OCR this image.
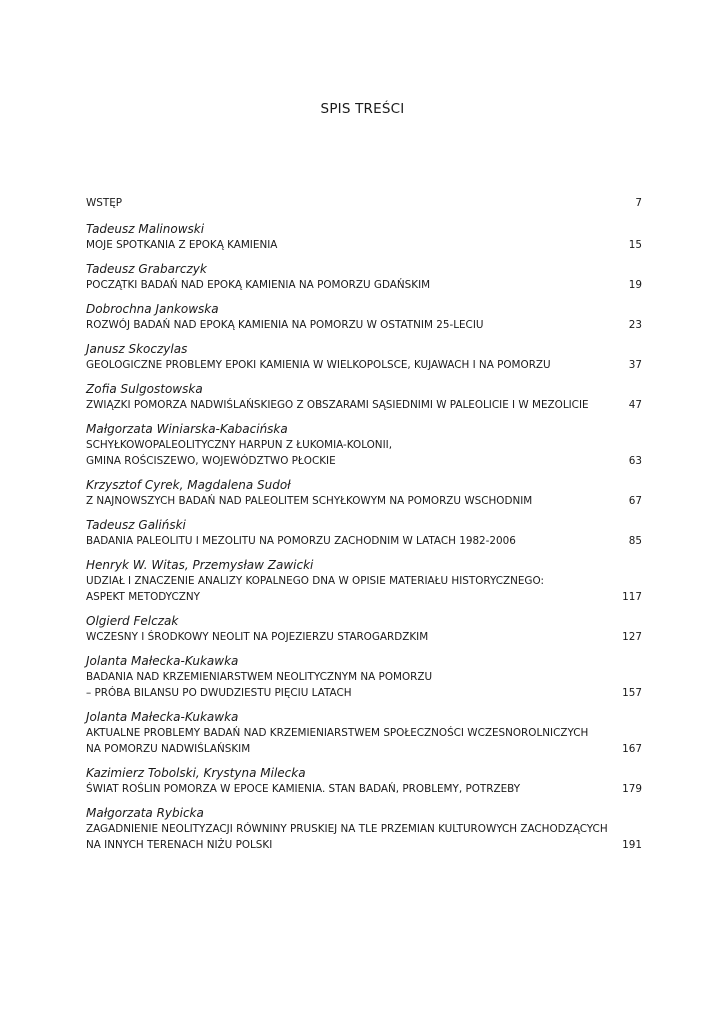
SPIS TREŚCI
WSTĘP	7
Tadeusz Malinowski
MOJE SPOTKANIA Z EPOKĄ KAMIENIA	15
Tadeusz Grabarczyk
POCZĄTKI BADAŃ NAD EPOKĄ KAMIENIA NA POMORZU GDAŃSKIM	19
Dobrochna Jankowska
ROZWÓJ BADAŃ NAD EPOKĄ KAMIENIA NA POMORZU W OSTATNIM 25-LECIU	23
Janusz Skoczylas
GEOLOGICZNE PROBLEMY EPOKI KAMIENIA W WIELKOPOLSCE, KUJAWACH I NA POMORZU	37
Zofia Sulgostowska
ZWIĄZKI POMORZA NADWIŚLAŃSKIEGO Z OBSZARAMI SĄSIEDNIMI W PALEOLICIE I W MEZOLICIE	47
Małgorzata Winiarska-Kabacińska
SCHYŁKOWOPALEOLITYCZNY HARPUN Z ŁUKOMIA-KOLONII,
GMINA ROŚCISZEWO, WOJEWÓDZTWO PŁOCKIE	63
Krzysztof Cyrek, Magdalena Sudoł
Z NAJNOWSZYCH BADAŃ NAD PALEOLITEM SCHYŁKOWYM NA POMORZU WSCHODNIM	67
Tadeusz Galiński
BADANIA PALEOLITU I MEZOLITU NA POMORZU ZACHODNIM W LATACH 1982-2006	85
Henryk W. Witas, Przemysław Zawicki
UDZIAŁ I ZNACZENIE ANALIZY KOPALNEGO DNA W OPISIE MATERIAŁU HISTORYCZNEGO:
ASPEKT METODYCZNY	117
Olgierd Felczak
WCZESNY I ŚRODKOWY NEOLIT NA POJEZIERZU STAROGARDZKIM	127
Jolanta Małecka-Kukawka
BADANIA NAD KRZEMIENIARSTWEM NEOLITYCZNYM NA POMORZU
– PRÓBA BILANSU PO DWUDZIESTU PIĘCIU LATACH	157
Jolanta Małecka-Kukawka
AKTUALNE PROBLEMY BADAŃ NAD KRZEMIENIARSTWEM SPOŁECZNOŚCI WCZESNOROLNICZYCH
NA POMORZU NADWIŚLAŃSKIM	167
Kazimierz Tobolski, Krystyna Milecka
ŚWIAT ROŚLIN POMORZA W EPOCE KAMIENIA. STAN BADAŃ, PROBLEMY, POTRZEBY	179
Małgorzata Rybicka
ZAGADNIENIE NEOLITYZACJI RÓWNINY PRUSKIEJ NA TLE PRZEMIAN KULTUROWYCH ZACHODZĄCYCH
NA INNYCH TERENACH NIŻU POLSKI	191
